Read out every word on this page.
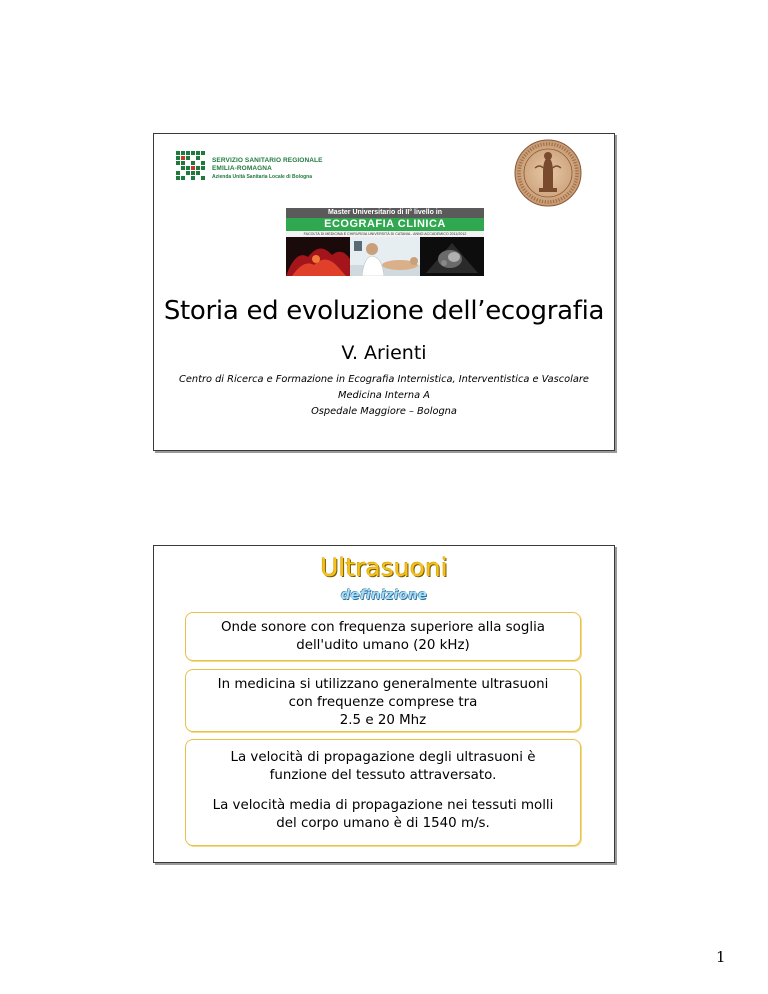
SERVIZIO SANITARIO REGIONALE
EMILIA-ROMAGNA
Azienda Unità Sanitaria Locale di Bologna
Master Universitario di II° livello in
ECOGRAFIA CLINICA
FACOLTÀ DI MEDICINA E CHIRURGIA UNIVERSITÀ DI CATANIA - ANNO ACCADEMICO 2011/2012
Storia ed evoluzione dell’ecografia
V. Arienti
Centro di Ricerca e Formazione in Ecografia Internistica, Interventistica e Vascolare
Medicina Interna A
Ospedale Maggiore – Bologna
Ultrasuoni
definizione

Onde sonore con frequenza superiore alla soglia

dell'udito umano (20 kHz)

In medicina si utilizzano generalmente ultrasuoni

con frequenze comprese tra

2.5 e 20 Mhz

La velocità di propagazione degli ultrasuoni è

funzione del tessuto attraversato.

La velocità media di propagazione nei tessuti molli

del corpo umano è di 1540 m/s.

1
